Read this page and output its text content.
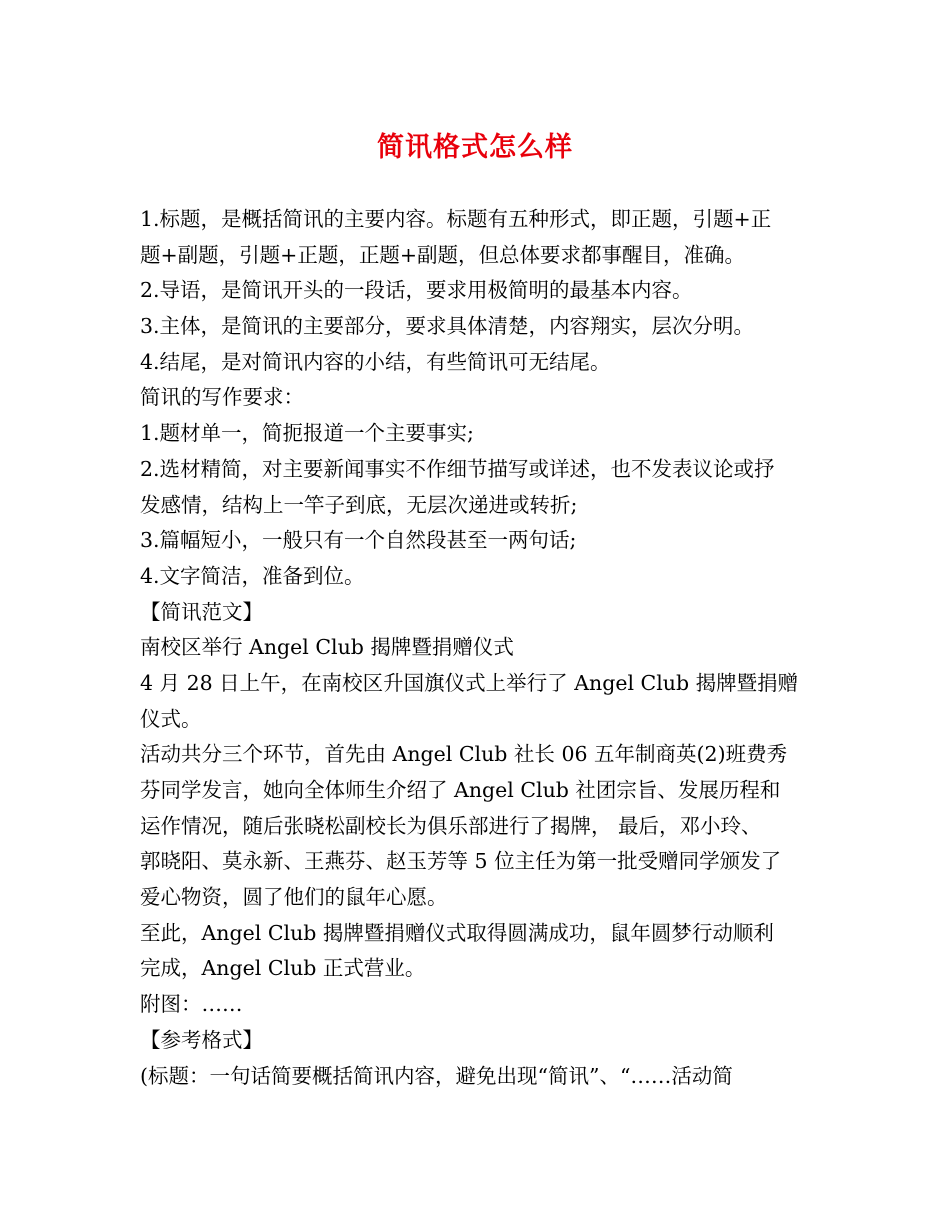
简讯格式怎么样
1.标题，是概括简讯的主要内容。标题有五种形式，即正题，引题+正
题+副题，引题+正题，正题+副题，但总体要求都事醒目，准确。
2.导语，是简讯开头的一段话，要求用极简明的最基本内容。
3.主体，是简讯的主要部分，要求具体清楚，内容翔实，层次分明。
4.结尾，是对简讯内容的小结，有些简讯可无结尾。
简讯的写作要求：
1.题材单一，简扼报道一个主要事实;
2.选材精简，对主要新闻事实不作细节描写或详述，也不发表议论或抒
发感情，结构上一竿子到底，无层次递进或转折;
3.篇幅短小，一般只有一个自然段甚至一两句话;
4.文字简洁，准备到位。
【简讯范文】
南校区举行 Angel Club 揭牌暨捐赠仪式
4 月 28 日上午，在南校区升国旗仪式上举行了 Angel Club 揭牌暨捐赠
仪式。
活动共分三个环节，首先由 Angel Club 社长 06 五年制商英(2)班费秀
芬同学发言，她向全体师生介绍了 Angel Club 社团宗旨、发展历程和
运作情况，随后张晓松副校长为俱乐部进行了揭牌， 最后，邓小玲、
郭晓阳、莫永新、王燕芬、赵玉芳等 5 位主任为第一批受赠同学颁发了
爱心物资，圆了他们的鼠年心愿。
至此，Angel Club 揭牌暨捐赠仪式取得圆满成功，鼠年圆梦行动顺利
完成，Angel Club 正式营业。
附图：……
【参考格式】
(标题：一句话简要概括简讯内容，避免出现“简讯”、“……活动简
